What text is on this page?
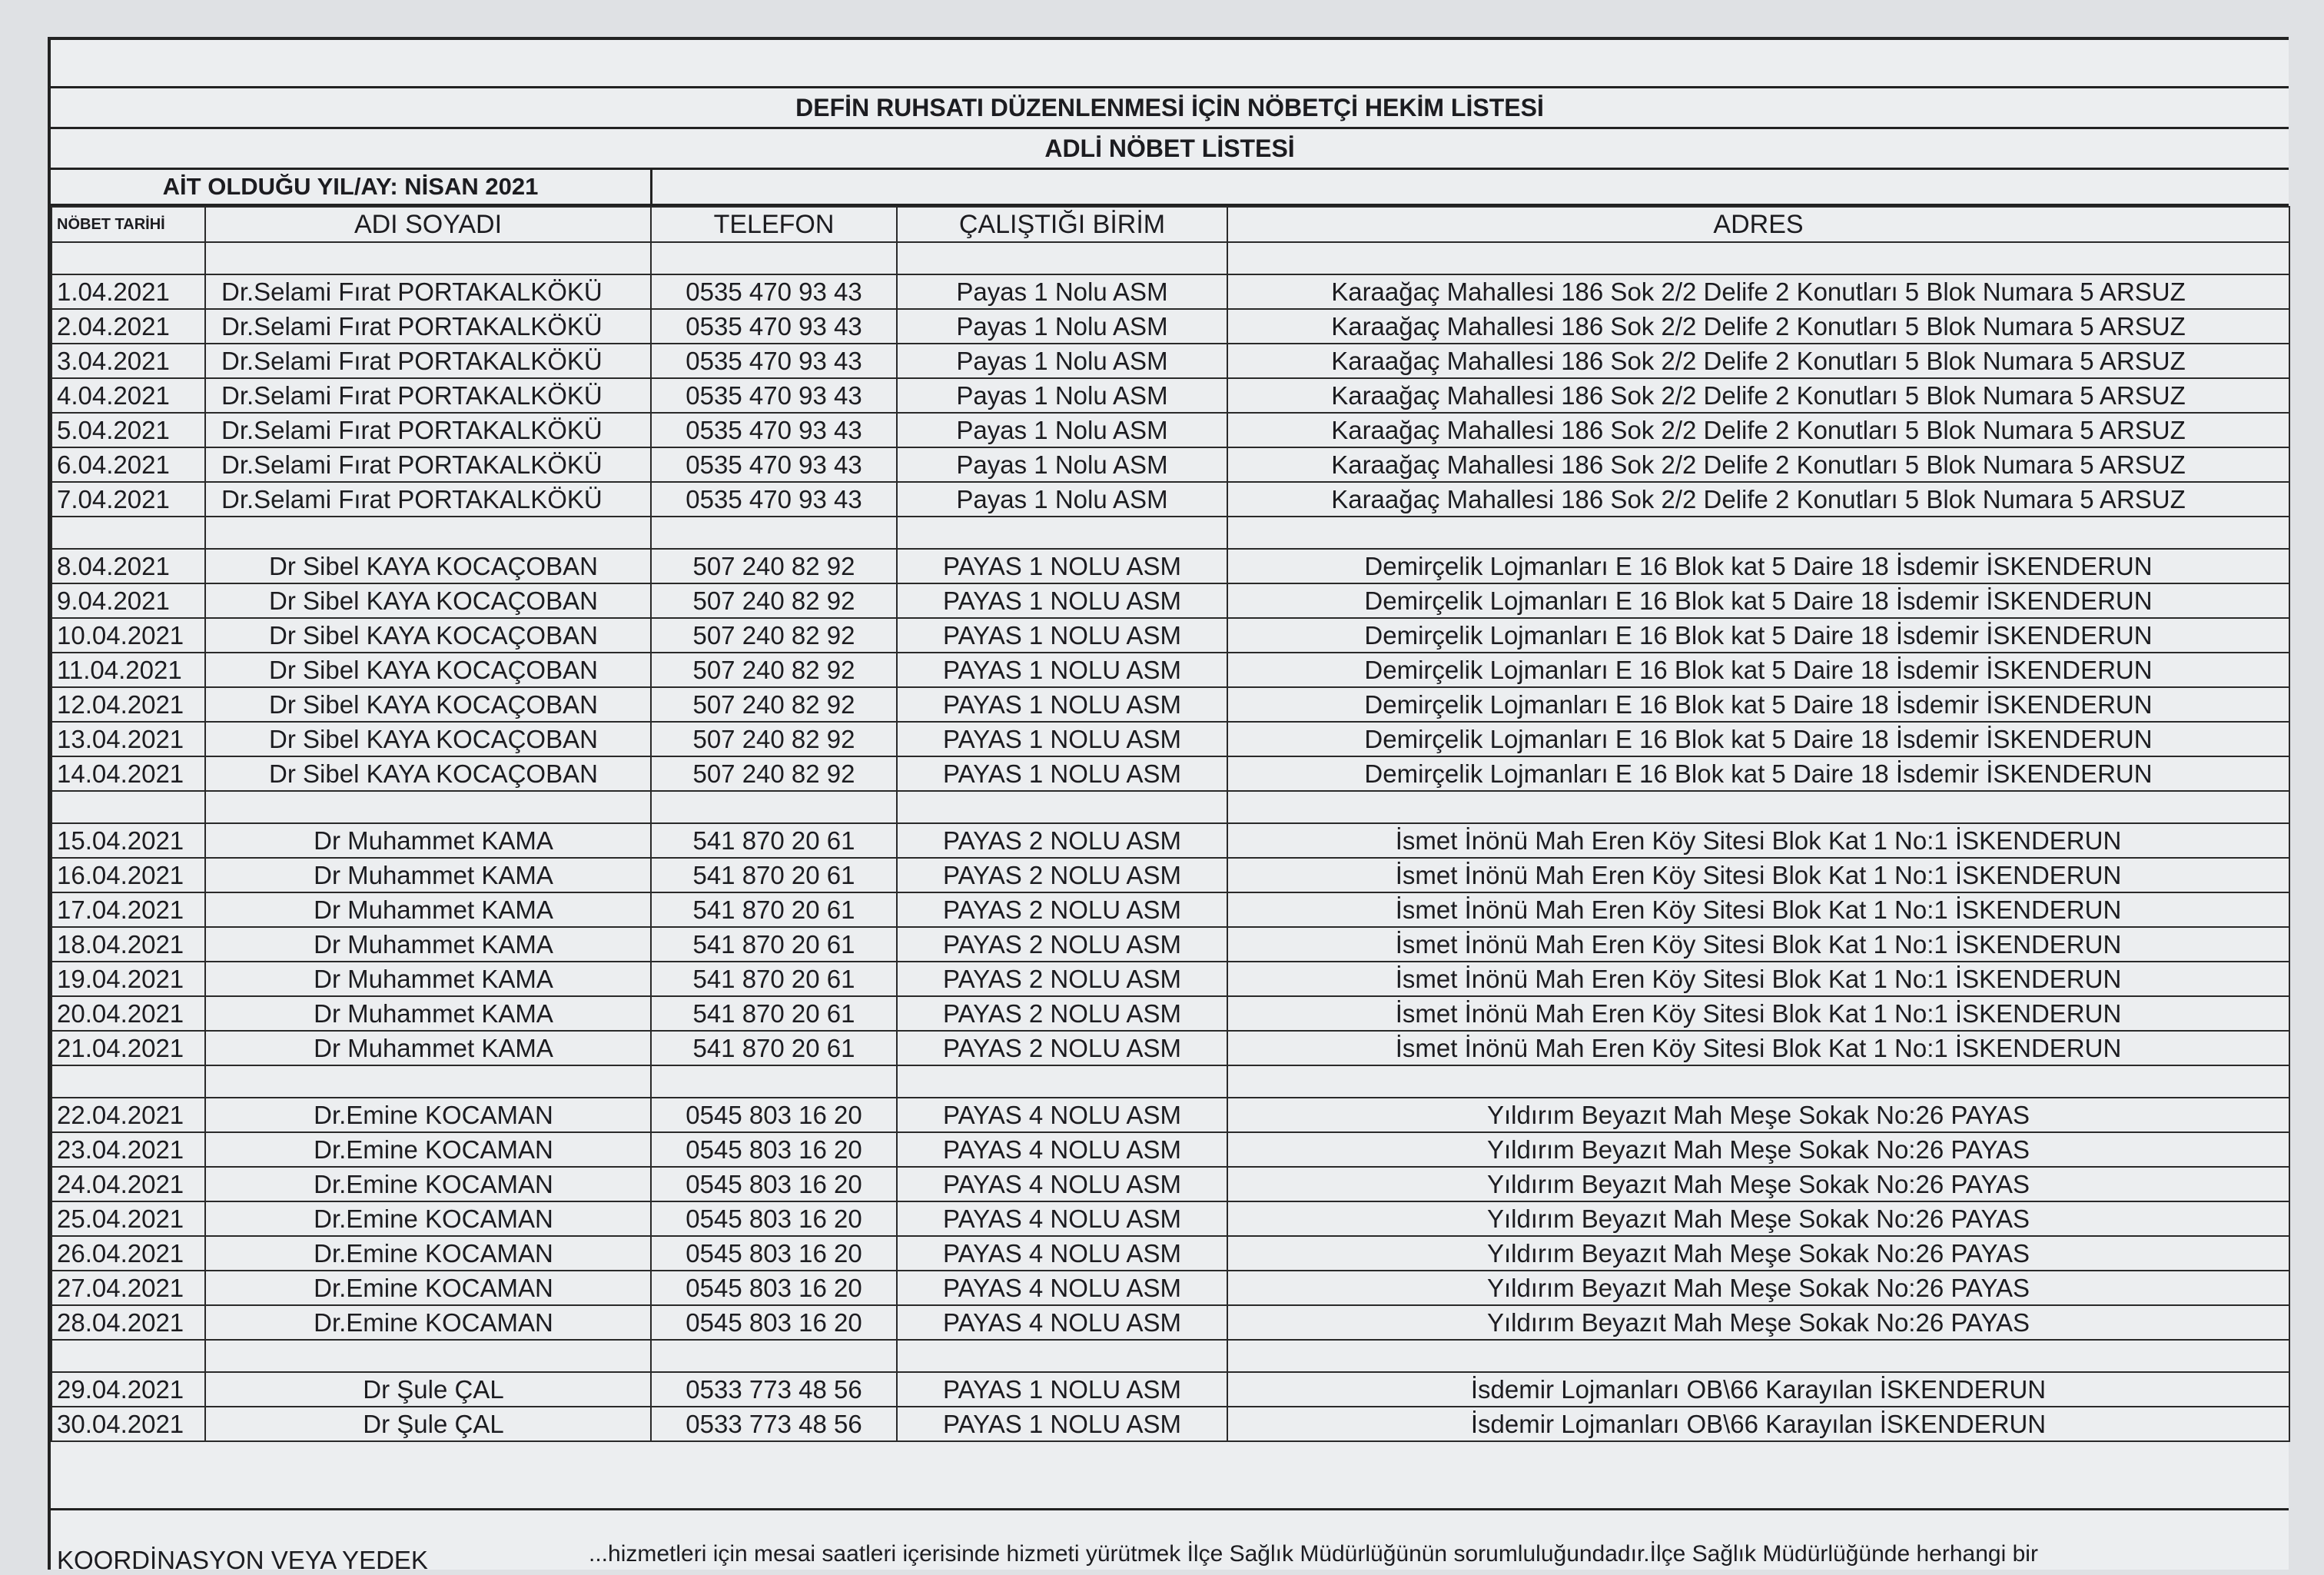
DEFİN RUHSATI DÜZENLENMESİ İÇİN NÖBETÇİ HEKİM LİSTESİ
ADLİ NÖBET LİSTESİ
AİT OLDUĞU YIL/AY: NİSAN 2021
NÖBET TARİHİ	ADI SOYADI	TELEFON	ÇALIŞTIĞI BİRİM	ADRES

1.04.2021	Dr.Selami Fırat PORTAKALKÖKÜ	0535 470 93 43	Payas 1 Nolu ASM	Karaağaç Mahallesi 186 Sok 2/2 Delife 2 Konutları 5 Blok Numara 5 ARSUZ
2.04.2021	Dr.Selami Fırat PORTAKALKÖKÜ	0535 470 93 43	Payas 1 Nolu ASM	Karaağaç Mahallesi 186 Sok 2/2 Delife 2 Konutları 5 Blok Numara 5 ARSUZ
3.04.2021	Dr.Selami Fırat PORTAKALKÖKÜ	0535 470 93 43	Payas 1 Nolu ASM	Karaağaç Mahallesi 186 Sok 2/2 Delife 2 Konutları 5 Blok Numara 5 ARSUZ
4.04.2021	Dr.Selami Fırat PORTAKALKÖKÜ	0535 470 93 43	Payas 1 Nolu ASM	Karaağaç Mahallesi 186 Sok 2/2 Delife 2 Konutları 5 Blok Numara 5 ARSUZ
5.04.2021	Dr.Selami Fırat PORTAKALKÖKÜ	0535 470 93 43	Payas 1 Nolu ASM	Karaağaç Mahallesi 186 Sok 2/2 Delife 2 Konutları 5 Blok Numara 5 ARSUZ
6.04.2021	Dr.Selami Fırat PORTAKALKÖKÜ	0535 470 93 43	Payas 1 Nolu ASM	Karaağaç Mahallesi 186 Sok 2/2 Delife 2 Konutları 5 Blok Numara 5 ARSUZ
7.04.2021	Dr.Selami Fırat PORTAKALKÖKÜ	0535 470 93 43	Payas 1 Nolu ASM	Karaağaç Mahallesi 186 Sok 2/2 Delife 2 Konutları 5 Blok Numara 5 ARSUZ

8.04.2021	Dr Sibel KAYA KOCAÇOBAN	507 240 82 92	PAYAS 1 NOLU ASM	Demirçelik Lojmanları E 16 Blok kat 5 Daire 18 İsdemir İSKENDERUN
9.04.2021	Dr Sibel KAYA KOCAÇOBAN	507 240 82 92	PAYAS 1 NOLU ASM	Demirçelik Lojmanları E 16 Blok kat 5 Daire 18 İsdemir İSKENDERUN
10.04.2021	Dr Sibel KAYA KOCAÇOBAN	507 240 82 92	PAYAS 1 NOLU ASM	Demirçelik Lojmanları E 16 Blok kat 5 Daire 18 İsdemir İSKENDERUN
11.04.2021	Dr Sibel KAYA KOCAÇOBAN	507 240 82 92	PAYAS 1 NOLU ASM	Demirçelik Lojmanları E 16 Blok kat 5 Daire 18 İsdemir İSKENDERUN
12.04.2021	Dr Sibel KAYA KOCAÇOBAN	507 240 82 92	PAYAS 1 NOLU ASM	Demirçelik Lojmanları E 16 Blok kat 5 Daire 18 İsdemir İSKENDERUN
13.04.2021	Dr Sibel KAYA KOCAÇOBAN	507 240 82 92	PAYAS 1 NOLU ASM	Demirçelik Lojmanları E 16 Blok kat 5 Daire 18 İsdemir İSKENDERUN
14.04.2021	Dr Sibel KAYA KOCAÇOBAN	507 240 82 92	PAYAS 1 NOLU ASM	Demirçelik Lojmanları E 16 Blok kat 5 Daire 18 İsdemir İSKENDERUN

15.04.2021	Dr Muhammet KAMA	541 870 20 61	PAYAS 2 NOLU ASM	İsmet İnönü Mah Eren Köy Sitesi Blok Kat 1 No:1 İSKENDERUN
16.04.2021	Dr Muhammet KAMA	541 870 20 61	PAYAS 2 NOLU ASM	İsmet İnönü Mah Eren Köy Sitesi Blok Kat 1 No:1 İSKENDERUN
17.04.2021	Dr Muhammet KAMA	541 870 20 61	PAYAS 2 NOLU ASM	İsmet İnönü Mah Eren Köy Sitesi Blok Kat 1 No:1 İSKENDERUN
18.04.2021	Dr Muhammet KAMA	541 870 20 61	PAYAS 2 NOLU ASM	İsmet İnönü Mah Eren Köy Sitesi Blok Kat 1 No:1 İSKENDERUN
19.04.2021	Dr Muhammet KAMA	541 870 20 61	PAYAS 2 NOLU ASM	İsmet İnönü Mah Eren Köy Sitesi Blok Kat 1 No:1 İSKENDERUN
20.04.2021	Dr Muhammet KAMA	541 870 20 61	PAYAS 2 NOLU ASM	İsmet İnönü Mah Eren Köy Sitesi Blok Kat 1 No:1 İSKENDERUN
21.04.2021	Dr Muhammet KAMA	541 870 20 61	PAYAS 2 NOLU ASM	İsmet İnönü Mah Eren Köy Sitesi Blok Kat 1 No:1 İSKENDERUN

22.04.2021	Dr.Emine KOCAMAN	0545 803 16 20	PAYAS 4 NOLU ASM	Yıldırım Beyazıt Mah Meşe Sokak No:26 PAYAS
23.04.2021	Dr.Emine KOCAMAN	0545 803 16 20	PAYAS 4 NOLU ASM	Yıldırım Beyazıt Mah Meşe Sokak No:26 PAYAS
24.04.2021	Dr.Emine KOCAMAN	0545 803 16 20	PAYAS 4 NOLU ASM	Yıldırım Beyazıt Mah Meşe Sokak No:26 PAYAS
25.04.2021	Dr.Emine KOCAMAN	0545 803 16 20	PAYAS 4 NOLU ASM	Yıldırım Beyazıt Mah Meşe Sokak No:26 PAYAS
26.04.2021	Dr.Emine KOCAMAN	0545 803 16 20	PAYAS 4 NOLU ASM	Yıldırım Beyazıt Mah Meşe Sokak No:26 PAYAS
27.04.2021	Dr.Emine KOCAMAN	0545 803 16 20	PAYAS 4 NOLU ASM	Yıldırım Beyazıt Mah Meşe Sokak No:26 PAYAS
28.04.2021	Dr.Emine KOCAMAN	0545 803 16 20	PAYAS 4 NOLU ASM	Yıldırım Beyazıt Mah Meşe Sokak No:26 PAYAS

29.04.2021	Dr Şule ÇAL	0533 773 48 56	PAYAS 1 NOLU ASM	İsdemir Lojmanları OB\66 Karayılan İSKENDERUN
30.04.2021	Dr Şule ÇAL	0533 773 48 56	PAYAS 1 NOLU ASM	İsdemir Lojmanları OB\66 Karayılan İSKENDERUN
KOORDİNASYON VEYA YEDEK	...hizmetleri için mesai saatleri içerisinde hizmeti yürütmek İlçe Sağlık Müdürlüğünün sorumluluğundadır.İlçe Sağlık Müdürlüğünde herhangi bir
